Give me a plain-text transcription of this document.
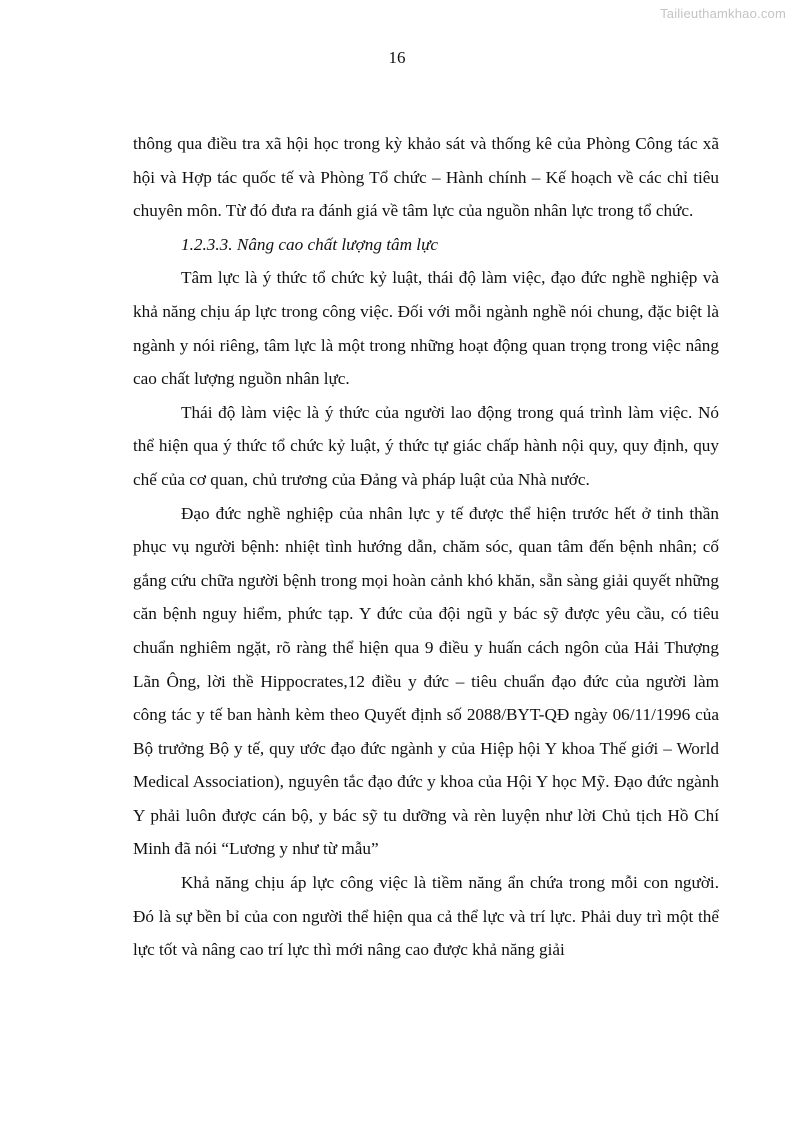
Tailieuthamkhao.com
16

thông qua điều tra xã hội học trong kỳ khảo sát và thống kê của Phòng Công tác xã hội và Hợp tác quốc tế và Phòng Tổ chức – Hành chính – Kế hoạch về các chỉ tiêu chuyên môn. Từ đó đưa ra đánh giá về tâm lực của nguồn nhân lực trong tổ chức.

1.2.3.3. Nâng cao chất lượng tâm lực

Tâm lực là ý thức tổ chức kỷ luật, thái độ làm việc, đạo đức nghề nghiệp và khả năng chịu áp lực trong công việc. Đối với mỗi ngành nghề nói chung, đặc biệt là ngành y nói riêng, tâm lực là một trong những hoạt động quan trọng trong việc nâng cao chất lượng nguồn nhân lực.

Thái độ làm việc là ý thức của người lao động trong quá trình làm việc. Nó thể hiện qua ý thức tổ chức kỷ luật, ý thức tự giác chấp hành nội quy, quy định, quy chế của cơ quan, chủ trương của Đảng và pháp luật của Nhà nước.

Đạo đức nghề nghiệp của nhân lực y tế được thể hiện trước hết ở tinh thần phục vụ người bệnh: nhiệt tình hướng dẫn, chăm sóc, quan tâm đến bệnh nhân; cố gắng cứu chữa người bệnh trong mọi hoàn cảnh khó khăn, sẵn sàng giải quyết những căn bệnh nguy hiểm, phức tạp. Y đức của đội ngũ y bác sỹ được yêu cầu, có tiêu chuẩn nghiêm ngặt, rõ ràng thể hiện qua 9 điều y huấn cách ngôn của Hải Thượng Lãn Ông, lời thề Hippocrates,12 điều y đức – tiêu chuẩn đạo đức của người làm công tác y tế ban hành kèm theo Quyết định số 2088/BYT-QĐ ngày 06/11/1996 của Bộ trưởng Bộ y tế, quy ước đạo đức ngành y của Hiệp hội Y khoa Thế giới – World Medical Association), nguyên tắc đạo đức y khoa của Hội Y học Mỹ. Đạo đức ngành Y phải luôn được cán bộ, y bác sỹ tu dưỡng và rèn luyện như lời Chủ tịch Hồ Chí Minh đã nói “Lương y như từ mẫu”

Khả năng chịu áp lực công việc là tiềm năng ẩn chứa trong mỗi con người. Đó là sự bền bỉ của con người thể hiện qua cả thể lực và trí lực. Phải duy trì một thể lực tốt và nâng cao trí lực thì mới nâng cao được khả năng giải
